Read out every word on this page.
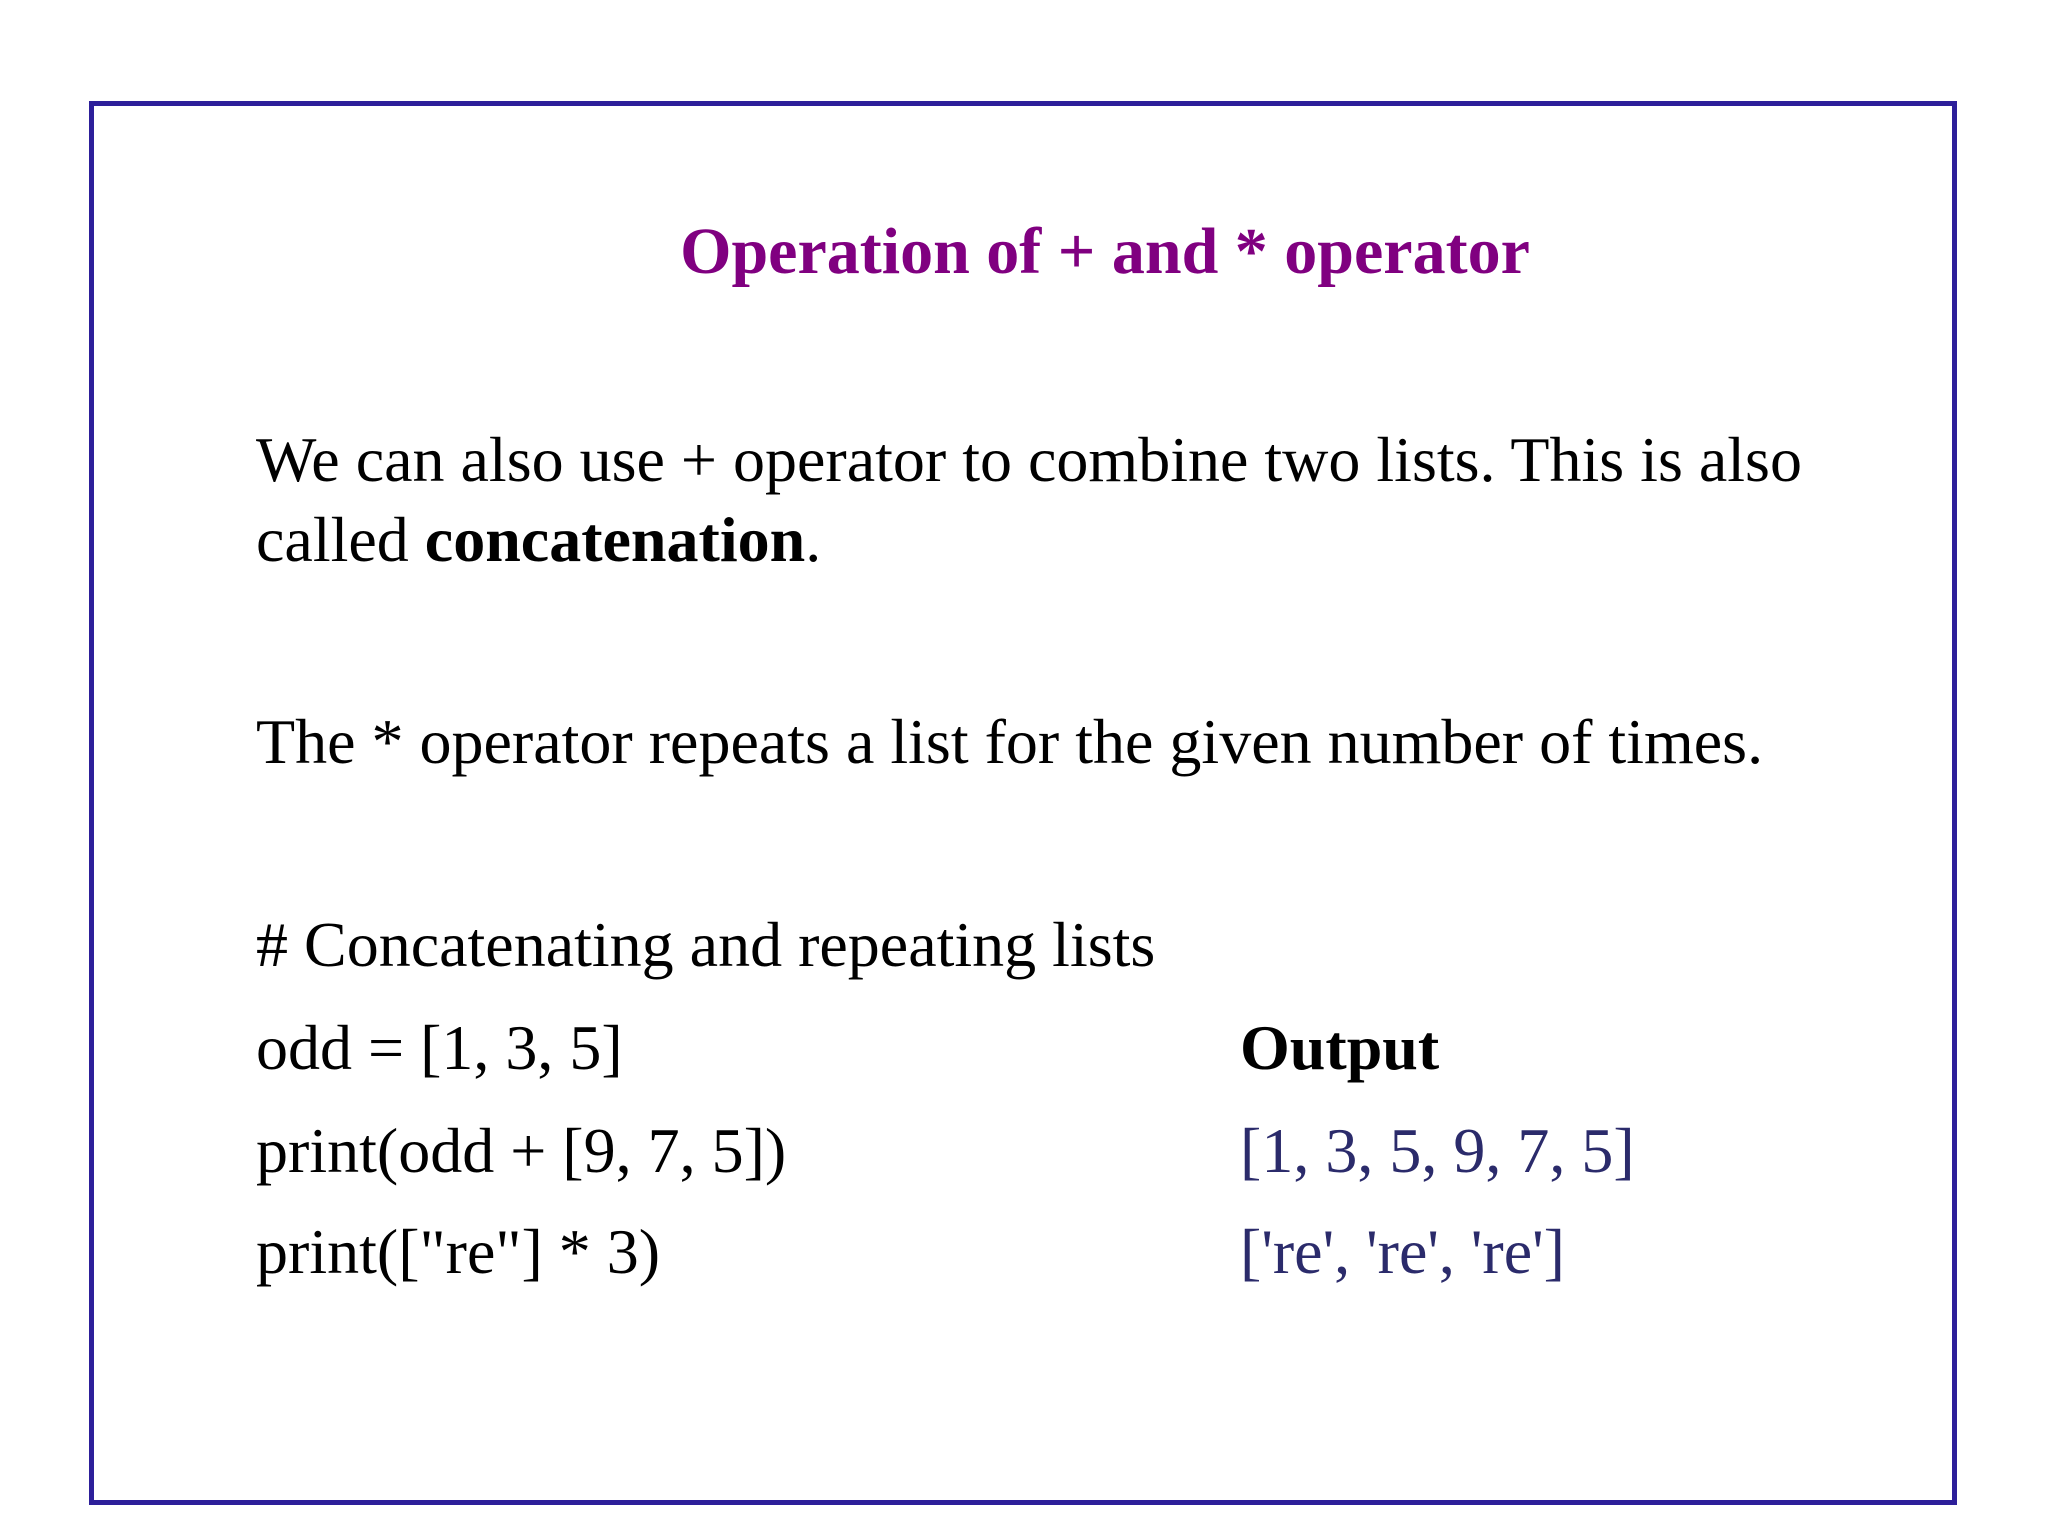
Operation of + and * operator
We can also use + operator to combine two lists. This is also
called concatenation.
The * operator repeats a list for the given number of times.
# Concatenating and repeating lists
odd = [1, 3, 5]
print(odd + [9, 7, 5])
print(["re"] * 3)
Output
[1, 3, 5, 9, 7, 5]
['re', 're', 're']
